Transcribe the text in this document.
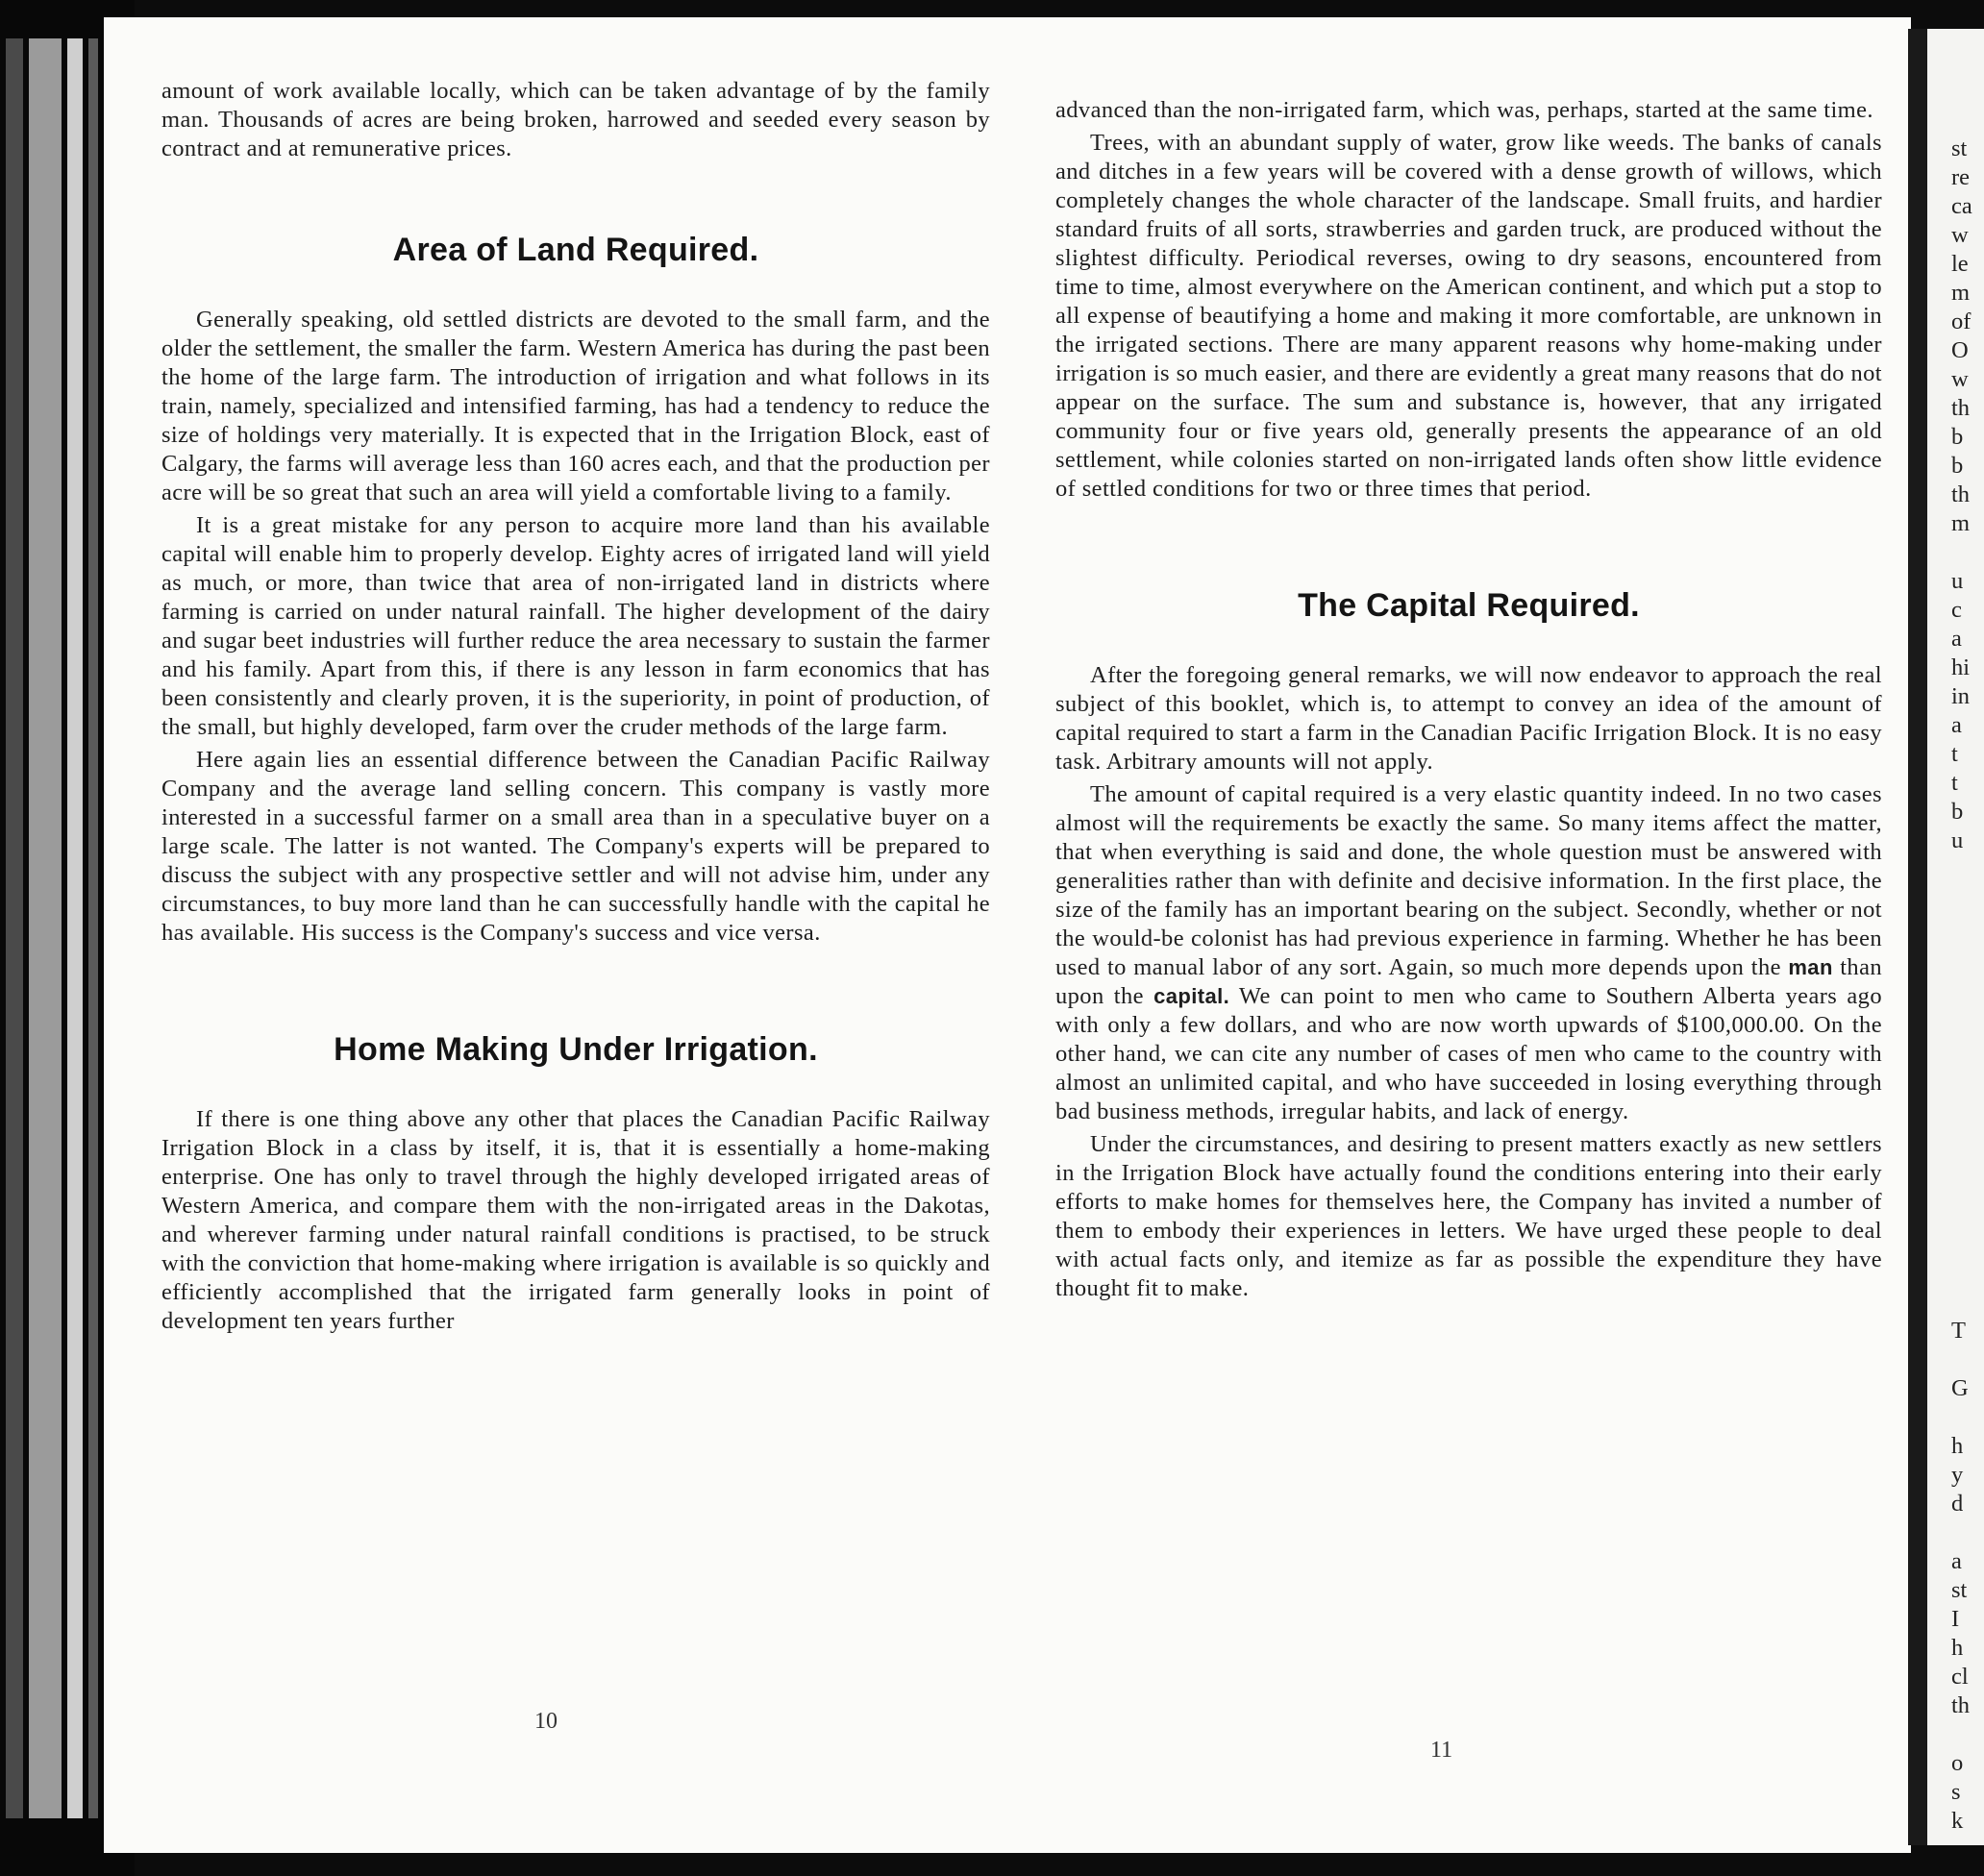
amount of work available locally, which can be taken advantage of by the family man. Thousands of acres are being broken, harrowed and seeded every season by contract and at remunerative prices.

Area of Land Required.

Generally speaking, old settled districts are devoted to the small farm, and the older the settlement, the smaller the farm. Western America has during the past been the home of the large farm. The introduction of irrigation and what follows in its train, namely, specialized and intensified farming, has had a tendency to reduce the size of holdings very materially. It is expected that in the Irrigation Block, east of Calgary, the farms will average less than 160 acres each, and that the production per acre will be so great that such an area will yield a comfortable living to a family.

It is a great mistake for any person to acquire more land than his available capital will enable him to properly develop. Eighty acres of irrigated land will yield as much, or more, than twice that area of non-irrigated land in districts where farming is carried on under natural rainfall. The higher development of the dairy and sugar beet industries will further reduce the area necessary to sustain the farmer and his family. Apart from this, if there is any lesson in farm economics that has been consistently and clearly proven, it is the superiority, in point of production, of the small, but highly developed, farm over the cruder methods of the large farm.

Here again lies an essential difference between the Canadian Pacific Railway Company and the average land selling concern. This company is vastly more interested in a successful farmer on a small area than in a speculative buyer on a large scale. The latter is not wanted. The Company's experts will be prepared to discuss the subject with any prospective settler and will not advise him, under any circumstances, to buy more land than he can successfully handle with the capital he has available. His success is the Company's success and vice versa.

Home Making Under Irrigation.

If there is one thing above any other that places the Canadian Pacific Railway Irrigation Block in a class by itself, it is, that it is essentially a home-making enterprise. One has only to travel through the highly developed irrigated areas of Western America, and compare them with the non-irrigated areas in the Dakotas, and wherever farming under natural rainfall conditions is practised, to be struck with the conviction that home-making where irrigation is available is so quickly and efficiently accomplished that the irrigated farm generally looks in point of development ten years further

10

advanced than the non-irrigated farm, which was, perhaps, started at the same time.

Trees, with an abundant supply of water, grow like weeds. The banks of canals and ditches in a few years will be covered with a dense growth of willows, which completely changes the whole character of the landscape. Small fruits, and hardier standard fruits of all sorts, strawberries and garden truck, are produced without the slightest difficulty. Periodical reverses, owing to dry seasons, encountered from time to time, almost everywhere on the American continent, and which put a stop to all expense of beautifying a home and making it more comfortable, are unknown in the irrigated sections. There are many apparent reasons why home-making under irrigation is so much easier, and there are evidently a great many reasons that do not appear on the surface. The sum and substance is, however, that any irrigated community four or five years old, generally presents the appearance of an old settlement, while colonies started on non-irrigated lands often show little evidence of settled conditions for two or three times that period.

The Capital Required.

After the foregoing general remarks, we will now endeavor to approach the real subject of this booklet, which is, to attempt to convey an idea of the amount of capital required to start a farm in the Canadian Pacific Irrigation Block. It is no easy task. Arbitrary amounts will not apply.

The amount of capital required is a very elastic quantity indeed. In no two cases almost will the requirements be exactly the same. So many items affect the matter, that when everything is said and done, the whole question must be answered with generalities rather than with definite and decisive information. In the first place, the size of the family has an important bearing on the subject. Secondly, whether or not the would-be colonist has had previous experience in farming. Whether he has been used to manual labor of any sort. Again, so much more depends upon the man than upon the capital. We can point to men who came to Southern Alberta years ago with only a few dollars, and who are now worth upwards of $100,000.00. On the other hand, we can cite any number of cases of men who came to the country with almost an unlimited capital, and who have succeeded in losing everything through bad business methods, irregular habits, and lack of energy.

Under the circumstances, and desiring to present matters exactly as new settlers in the Irrigation Block have actually found the conditions entering into their early efforts to make homes for themselves here, the Company has invited a number of them to embody their experiences in letters. We have urged these people to deal with actual facts only, and itemize as far as possible the expenditure they have thought fit to make.

11
st
re
ca
w
le
m
of
O
w
th
b
b
th
m
u
c
a
hi
in
a
t
t
b
u
T
G
h
y
d
a
st
I
h
cl
th
o
s
k
